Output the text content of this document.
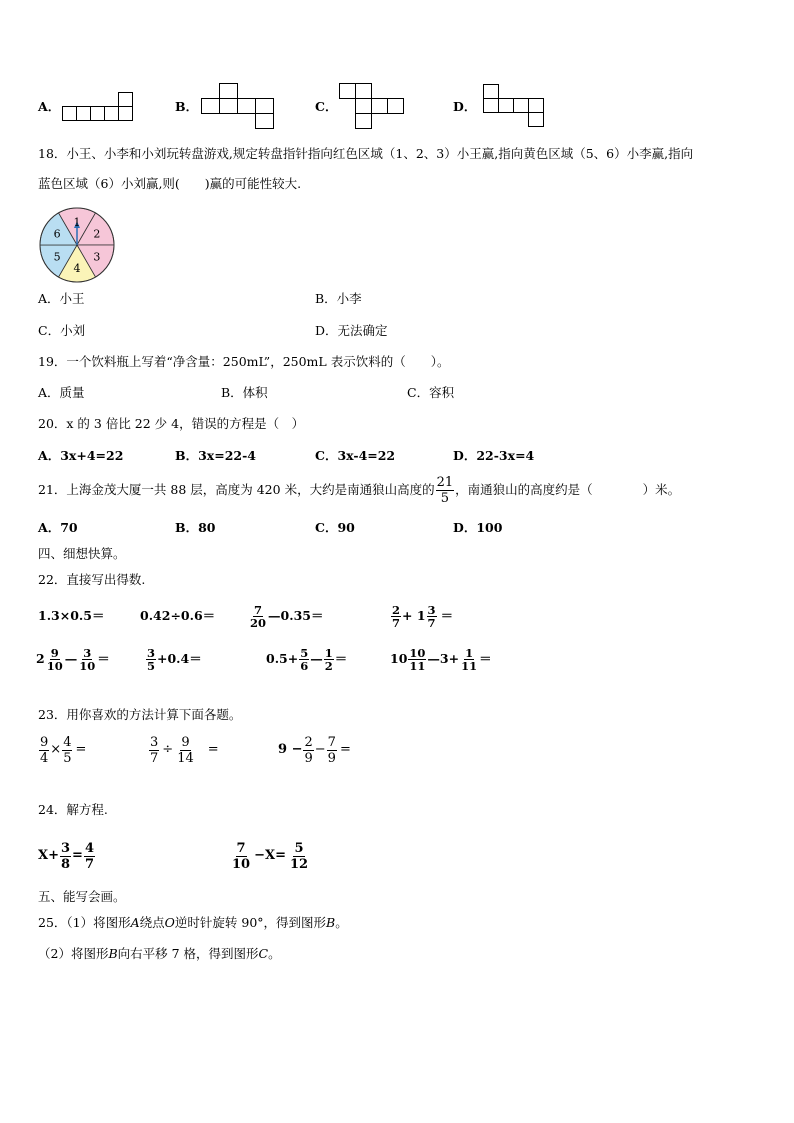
A．	B．	C．	D．
18．小王、小李和小刘玩转盘游戏,规定转盘指针指向红色区域（1、2、3）小王赢,指向黄色区域（5、6）小李赢,指向
蓝色区域（6）小刘赢,则(　　)赢的可能性较大.
1
2
3
4
5
6
A．小王	B．小李
C．小刘	D．无法确定
19．一个饮料瓶上写着“净含量：250mL”，250mL 表示饮料的（　　）。
A．质量	B．体积	C．容积
20．x 的 3 倍比 22 少 4，错误的方程是（　）
A．3x+4=22	B．3x=22-4	C．3x-4=22	D．22-3x=4
21．上海金茂大厦一共 88 层，高度为 420 米，大约是南通狼山高度的 $\frac{21}{5}$ ，南通狼山的高度约是（　　　　）米。
A．70	B．80	C．90	D．100
四、细想快算。
22．直接写出得数.
1.3×0.5＝	0.42÷0.6＝	$\frac{7}{20}$ —0.35＝	$\frac{2}{7} + 1 \frac{3}{7}$ ＝
$2 \frac{9}{10}$ — $\frac{3}{10}$ ＝	$\frac{3}{5} +0.4=$	$0.5+ \frac{5}{6}$ — $\frac{1}{2}$ ＝	$10 \frac{10}{11}$ —3+ $\frac{1}{11}$ ＝
23．用你喜欢的方法计算下面各题。
$\frac{9}{4} \times \frac{4}{5}$ =	$\frac{3}{7} \div \frac{9}{14}$ =	$9 - \frac{2}{9} - \frac{7}{9}$ =
24．解方程.
$X+ \frac{3}{8} = \frac{4}{7}$	$\frac{7}{10} -X= \frac{5}{12}$
五、能写会画。
25．（1）将图形A绕点O逆时针旋转 90°，得到图形B。
（2）将图形B向右平移 7 格，得到图形C。
